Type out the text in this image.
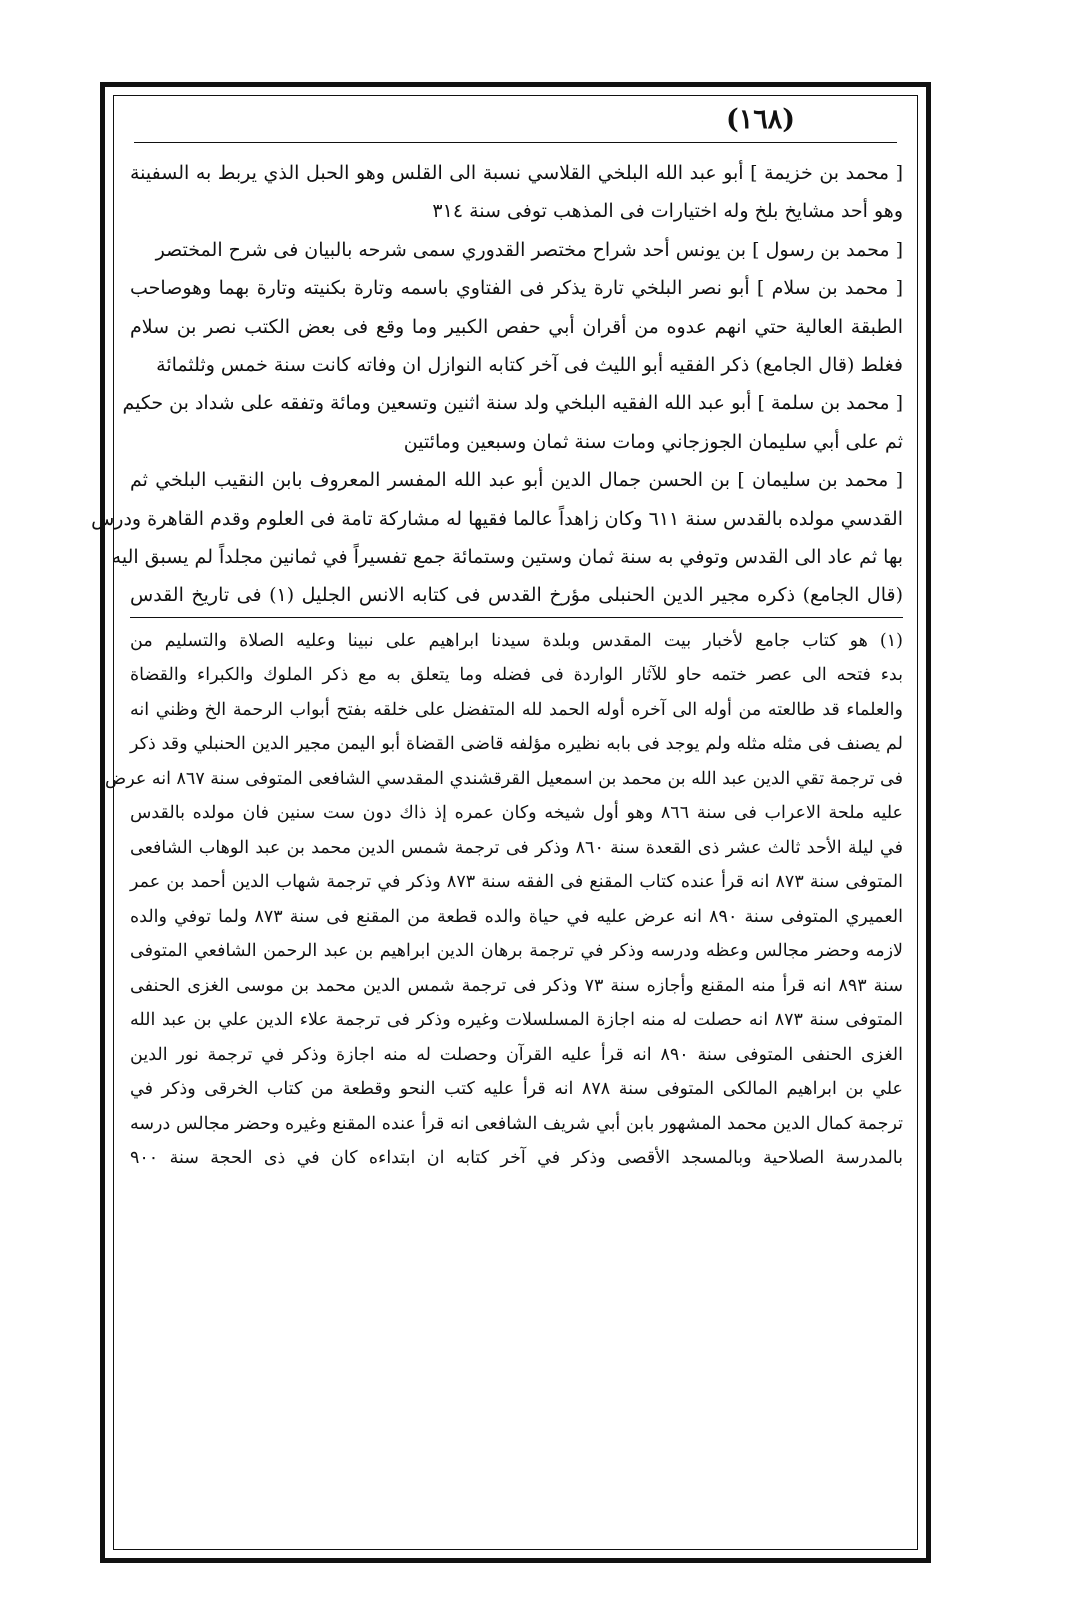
(١٦٨)
[ محمد بن خزيمة ] أبو عبد الله البلخي القلاسي نسبة الى القلس وهو الحبل الذي يربط به السفينة
وهو أحد مشايخ بلخ وله اختيارات فى المذهب توفى سنة ٣١٤
[ محمد بن رسول ] بن يونس أحد شراح مختصر القدوري سمى شرحه بالبيان فى شرح المختصر
[ محمد بن سلام ] أبو نصر البلخي تارة يذكر فى الفتاوي باسمه وتارة بكنيته وتارة بهما وهوصاحب
الطبقة العالية حتي انهم عدوه من أقران أبي حفص الكبير وما وقع فى بعض الكتب نصر بن سلام
فغلط (قال الجامع) ذكر الفقيه أبو الليث فى آخر كتابه النوازل ان وفاته كانت سنة خمس وثلثمائة
[ محمد بن سلمة ] أبو عبد الله الفقيه البلخي ولد سنة اثنين وتسعين ومائة وتفقه على شداد بن حكيم
ثم على أبي سليمان الجوزجاني ومات سنة ثمان وسبعين ومائتين
[ محمد بن سليمان ] بن الحسن جمال الدين أبو عبد الله المفسر المعروف بابن النقيب البلخي ثم
القدسي مولده بالقدس سنة ٦١١ وكان زاهداً عالما فقيها له مشاركة تامة فى العلوم وقدم القاهرة ودرس
بها ثم عاد الى القدس وتوفي به سنة ثمان وستين وستمائة جمع تفسيراً في ثمانين مجلداً لم يسبق اليه
(قال الجامع) ذكره مجير الدين الحنبلى مؤرخ القدس فى كتابه الانس الجليل (١) فى تاريخ القدس
(١) هو كتاب جامع لأخبار بيت المقدس وبلدة سيدنا ابراهيم على نبينا وعليه الصلاة والتسليم من
بدء فتحه الى عصر ختمه حاو للآثار الواردة فى فضله وما يتعلق به مع ذكر الملوك والكبراء والقضاة
والعلماء قد طالعته من أوله الى آخره أوله الحمد لله المتفضل على خلقه بفتح أبواب الرحمة الخ وظني انه
لم يصنف فى مثله مثله ولم يوجد فى بابه نظيره مؤلفه قاضى القضاة أبو اليمن مجير الدين الحنبلي وقد ذكر
فى ترجمة تقي الدين عبد الله بن محمد بن اسمعيل القرقشندي المقدسي الشافعى المتوفى سنة ٨٦٧ انه عرض
عليه ملحة الاعراب فى سنة ٨٦٦ وهو أول شيخه وكان عمره إذ ذاك دون ست سنين فان مولده بالقدس
في ليلة الأحد ثالث عشر ذى القعدة سنة ٨٦٠ وذكر فى ترجمة شمس الدين محمد بن عبد الوهاب الشافعى
المتوفى سنة ٨٧٣ انه قرأ عنده كتاب المقنع فى الفقه سنة ٨٧٣ وذكر في ترجمة شهاب الدين أحمد بن عمر
العميري المتوفى سنة ٨٩٠ انه عرض عليه في حياة والده قطعة من المقنع فى سنة ٨٧٣ ولما توفي والده
لازمه وحضر مجالس وعظه ودرسه وذكر في ترجمة برهان الدين ابراهيم بن عبد الرحمن الشافعي المتوفى
سنة ٨٩٣ انه قرأ منه المقنع وأجازه سنة ٧٣ وذكر فى ترجمة شمس الدين محمد بن موسى الغزى الحنفى
المتوفى سنة ٨٧٣ انه حصلت له منه اجازة المسلسلات وغيره وذكر فى ترجمة علاء الدين علي بن عبد الله
الغزى الحنفى المتوفى سنة ٨٩٠ انه قرأ عليه القرآن وحصلت له منه اجازة وذكر في ترجمة نور الدين
علي بن ابراهيم المالكى المتوفى سنة ٨٧٨ انه قرأ عليه كتب النحو وقطعة من كتاب الخرقى وذكر في
ترجمة كمال الدين محمد المشهور بابن أبي شريف الشافعى انه قرأ عنده المقنع وغيره وحضر مجالس درسه
بالمدرسة الصلاحية وبالمسجد الأقصى وذكر في آخر كتابه ان ابتداءه كان في ذى الحجة سنة ٩٠٠
